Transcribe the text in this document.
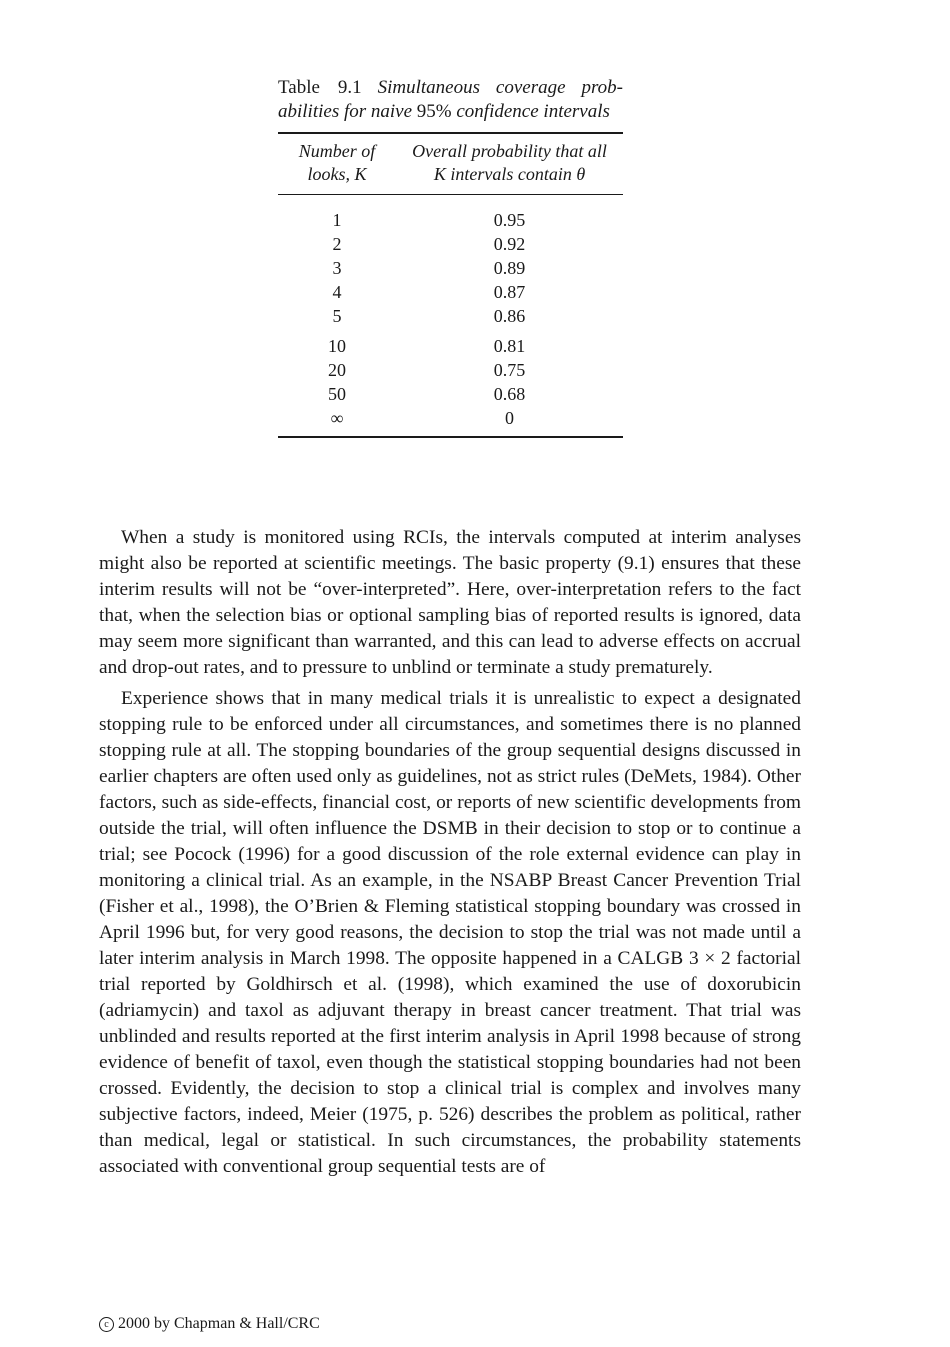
Table 9.1 Simultaneous coverage prob-
abilities for naive 95% confidence intervals

Number of
looks, K
Overall probability that all
K intervals contain θ
1	0.95
2	0.92
3	0.89
4	0.87
5	0.86
10	0.81
20	0.75
50	0.68
∞	0

When a study is monitored using RCIs, the intervals computed at interim analyses might also be reported at scientific meetings. The basic property (9.1) ensures that these interim results will not be “over-interpreted”. Here, over-interpretation refers to the fact that, when the selection bias or optional sampling bias of reported results is ignored, data may seem more significant than warranted, and this can lead to adverse effects on accrual and drop-out rates, and to pressure to unblind or terminate a study prematurely.

Experience shows that in many medical trials it is unrealistic to expect a designated stopping rule to be enforced under all circumstances, and sometimes there is no planned stopping rule at all. The stopping boundaries of the group sequential designs discussed in earlier chapters are often used only as guidelines, not as strict rules (DeMets, 1984). Other factors, such as side-effects, financial cost, or reports of new scientific developments from outside the trial, will often influence the DSMB in their decision to stop or to continue a trial; see Pocock (1996) for a good discussion of the role external evidence can play in monitoring a clinical trial. As an example, in the NSABP Breast Cancer Prevention Trial (Fisher et al., 1998), the O’Brien & Fleming statistical stopping boundary was crossed in April 1996 but, for very good reasons, the decision to stop the trial was not made until a later interim analysis in March 1998. The opposite happened in a CALGB 3 × 2 factorial trial reported by Goldhirsch et al. (1998), which examined the use of doxorubicin (adriamycin) and taxol as adjuvant therapy in breast cancer treatment. That trial was unblinded and results reported at the first interim analysis in April 1998 because of strong evidence of benefit of taxol, even though the statistical stopping boundaries had not been crossed. Evidently, the decision to stop a clinical trial is complex and involves many subjective factors, indeed, Meier (1975, p. 526) describes the problem as political, rather than medical, legal or statistical. In such circumstances, the probability statements associated with conventional group sequential tests are of

c 2000 by Chapman & Hall/CRC
